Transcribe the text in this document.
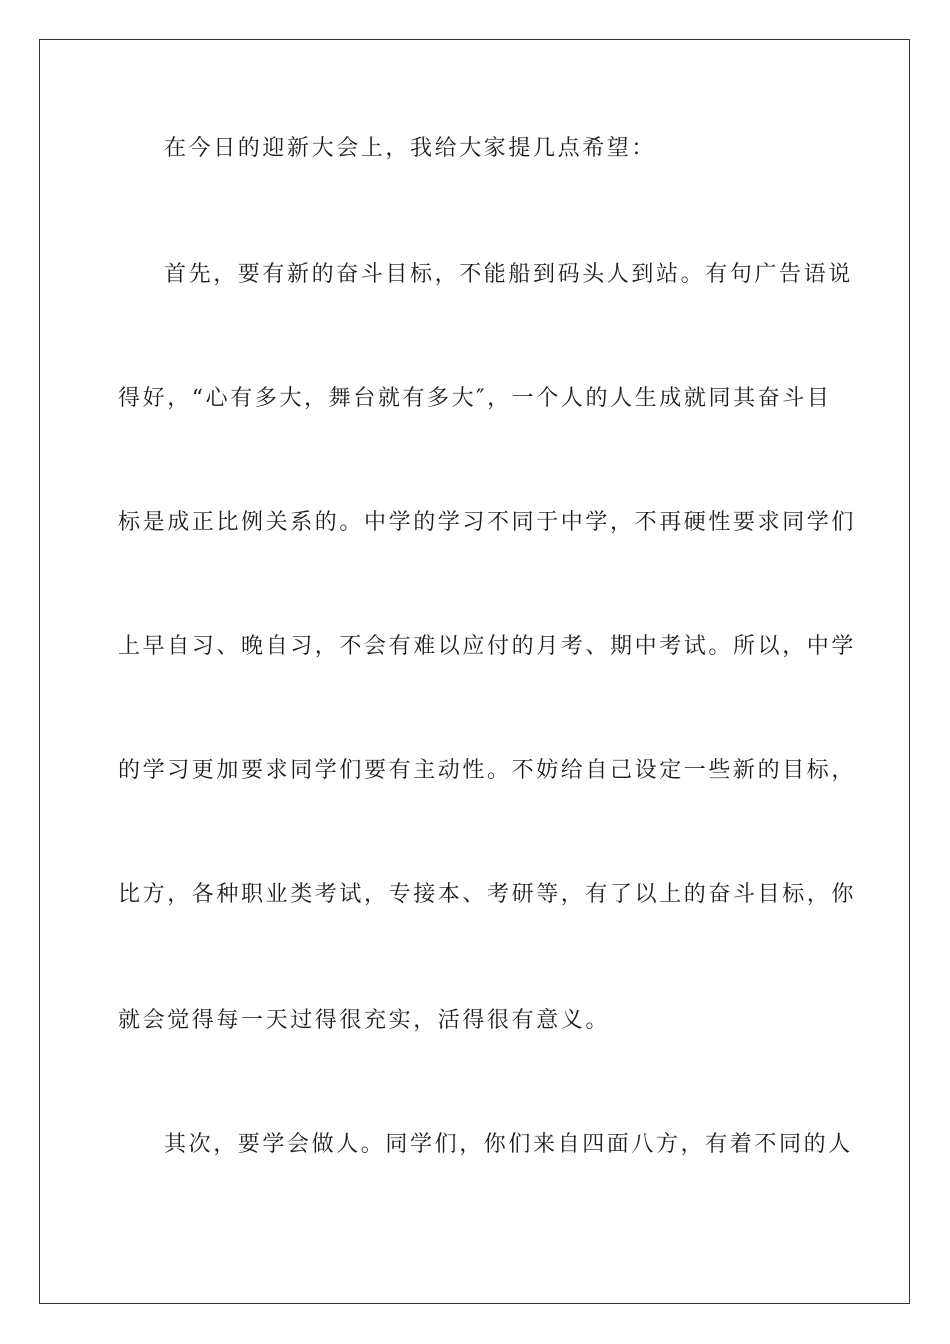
在今日的迎新大会上，我给大家提几点希望：

首先，要有新的奋斗目标，不能船到码头人到站。有句广告语说

得好，“心有多大，舞台就有多大″，一个人的人生成就同其奋斗目

标是成正比例关系的。中学的学习不同于中学，不再硬性要求同学们

上早自习、晚自习，不会有难以应付的月考、期中考试。所以，中学

的学习更加要求同学们要有主动性。不妨给自己设定一些新的目标，

比方，各种职业类考试，专接本、考研等，有了以上的奋斗目标，你

就会觉得每一天过得很充实，活得很有意义。

其次，要学会做人。同学们，你们来自四面八方，有着不同的人
